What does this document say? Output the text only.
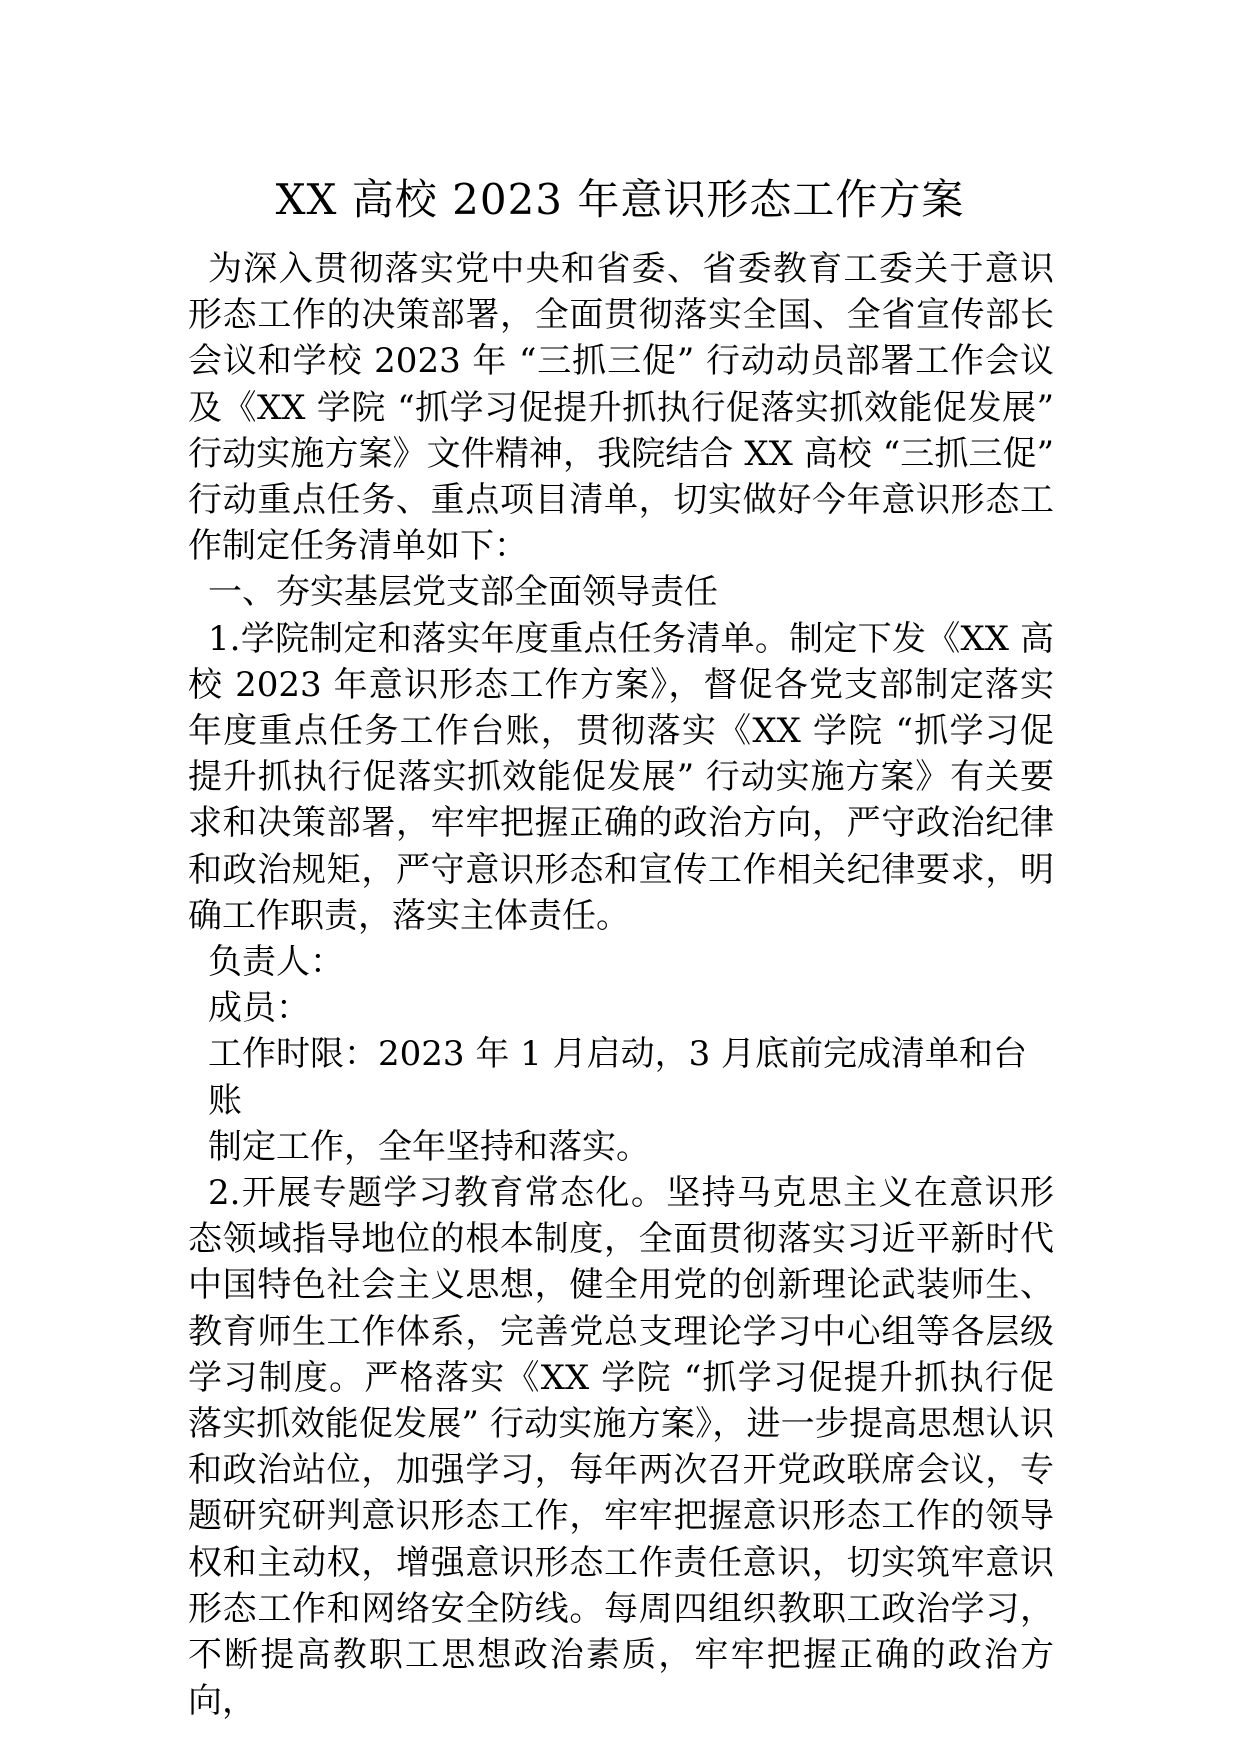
XX 高校 2023 年意识形态工作方案

为深入贯彻落实党中央和省委、省委教育工委关于意识形态工作的决策部署，全面贯彻落实全国、全省宣传部长会议和学校 2023 年 “三抓三促” 行动动员部署工作会议及《XX 学院 “抓学习促提升抓执行促落实抓效能促发展” 行动实施方案》文件精神，我院结合 XX 高校 “三抓三促” 行动重点任务、重点项目清单，切实做好今年意识形态工作制定任务清单如下：

一、夯实基层党支部全面领导责任

1.学院制定和落实年度重点任务清单。制定下发《XX 高校 2023 年意识形态工作方案》，督促各党支部制定落实年度重点任务工作台账，贯彻落实《XX 学院 “抓学习促提升抓执行促落实抓效能促发展” 行动实施方案》有关要求和决策部署，牢牢把握正确的政治方向，严守政治纪律和政治规矩，严守意识形态和宣传工作相关纪律要求，明确工作职责，落实主体责任。

负责人：

成员：

工作时限：2023 年 1 月启动，3 月底前完成清单和台账

制定工作，全年坚持和落实。

2.开展专题学习教育常态化。坚持马克思主义在意识形态领域指导地位的根本制度，全面贯彻落实习近平新时代中国特色社会主义思想，健全用党的创新理论武装师生、教育师生工作体系，完善党总支理论学习中心组等各层级学习制度。严格落实《XX 学院 “抓学习促提升抓执行促落实抓效能促发展” 行动实施方案》，进一步提高思想认识和政治站位，加强学习，每年两次召开党政联席会议，专题研究研判意识形态工作，牢牢把握意识形态工作的领导权和主动权，增强意识形态工作责任意识，切实筑牢意识形态工作和网络安全防线。每周四组织教职工政治学习，不断提高教职工思想政治素质，牢牢把握正确的政治方向，
